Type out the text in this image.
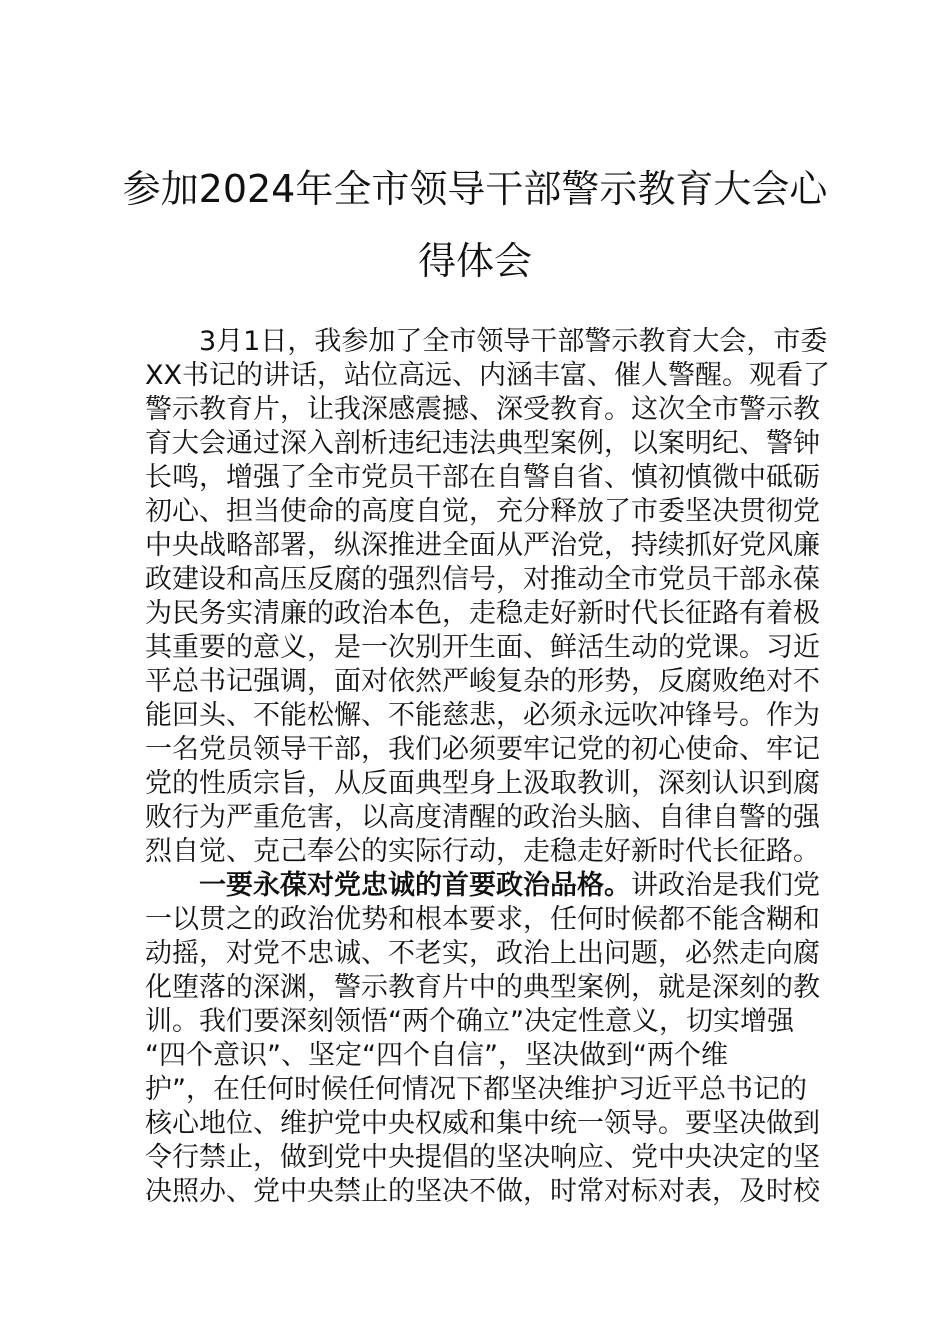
参加2024年全市领导干部警示教育大会心
得体会
3月1日，我参加了全市领导干部警示教育大会，市委
XX书记的讲话，站位高远、内涵丰富、催人警醒。观看了
警示教育片，让我深感震撼、深受教育。这次全市警示教
育大会通过深入剖析违纪违法典型案例，以案明纪、警钟
长鸣，增强了全市党员干部在自警自省、慎初慎微中砥砺
初心、担当使命的高度自觉，充分释放了市委坚决贯彻党
中央战略部署，纵深推进全面从严治党，持续抓好党风廉
政建设和高压反腐的强烈信号，对推动全市党员干部永葆
为民务实清廉的政治本色，走稳走好新时代长征路有着极
其重要的意义，是一次别开生面、鲜活生动的党课。习近
平总书记强调，面对依然严峻复杂的形势，反腐败绝对不
能回头、不能松懈、不能慈悲，必须永远吹冲锋号。作为
一名党员领导干部，我们必须要牢记党的初心使命、牢记
党的性质宗旨，从反面典型身上汲取教训，深刻认识到腐
败行为严重危害，以高度清醒的政治头脑、自律自警的强
烈自觉、克己奉公的实际行动，走稳走好新时代长征路。
一要永葆对党忠诚的首要政治品格。讲政治是我们党
一以贯之的政治优势和根本要求，任何时候都不能含糊和
动摇，对党不忠诚、不老实，政治上出问题，必然走向腐
化堕落的深渊，警示教育片中的典型案例，就是深刻的教
训。我们要深刻领悟“两个确立”决定性意义，切实增强
“四个意识”、坚定“四个自信”，坚决做到“两个维
护”，在任何时候任何情况下都坚决维护习近平总书记的
核心地位、维护党中央权威和集中统一领导。要坚决做到
令行禁止，做到党中央提倡的坚决响应、党中央决定的坚
决照办、党中央禁止的坚决不做，时常对标对表，及时校
